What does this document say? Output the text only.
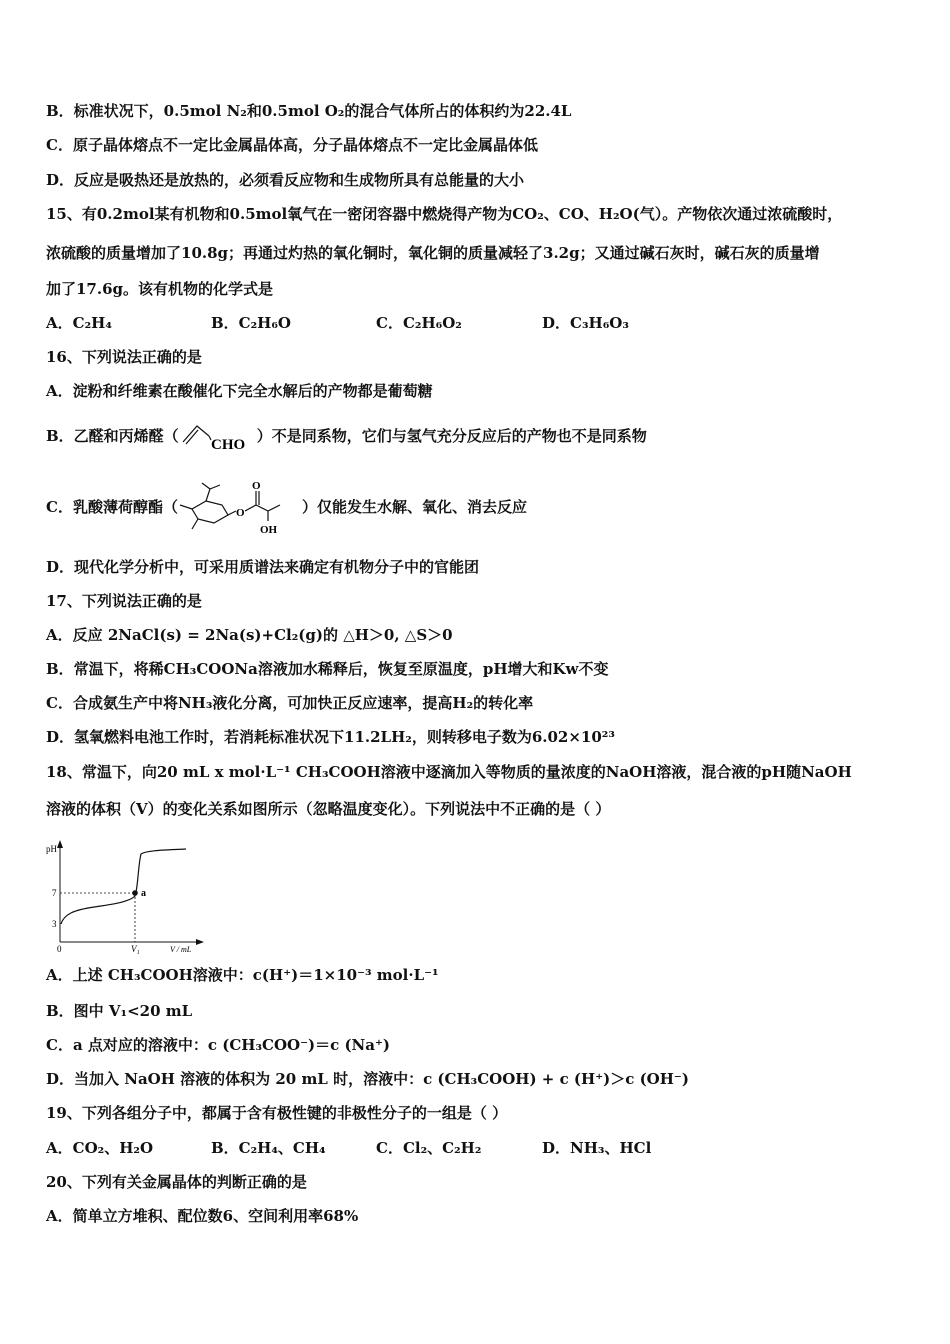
B．标准状况下，0.5mol N₂和0.5mol O₂的混合气体所占的体积约为22.4L
C．原子晶体熔点不一定比金属晶体高，分子晶体熔点不一定比金属晶体低
D．反应是吸热还是放热的，必须看反应物和生成物所具有总能量的大小
15、有0.2mol某有机物和0.5mol氧气在一密闭容器中燃烧得产物为CO₂、CO、H₂O(气）。产物依次通过浓硫酸时，
浓硫酸的质量增加了10.8g；再通过灼热的氧化铜时，氧化铜的质量减轻了3.2g；又通过碱石灰时，碱石灰的质量增
加了17.6g。该有机物的化学式是
A．C₂H₄	B．C₂H₆O	C．C₂H₆O₂	D．C₃H₆O₃
16、下列说法正确的是
A．淀粉和纤维素在酸催化下完全水解后的产物都是葡萄糖
B．乙醛和丙烯醛（ CHO ）不是同系物，它们与氢气充分反应后的产物也不是同系物
C．乳酸薄荷醇酯（	O
O
OH
）仅能发生水解、氧化、消去反应
D．现代化学分析中，可采用质谱法来确定有机物分子中的官能团
17、下列说法正确的是
A．反应 2NaCl(s) = 2Na(s)+Cl₂(g)的 △H＞0, △S＞0
B．常温下，将稀CH₃COONa溶液加水稀释后，恢复至原温度，pH增大和Kw不变
C．合成氨生产中将NH₃液化分离，可加快正反应速率，提高H₂的转化率
D．氢氧燃料电池工作时，若消耗标准状况下11.2LH₂，则转移电子数为6.02×10²³
18、常温下，向20 mL x mol·L⁻¹ CH₃COOH溶液中逐滴加入等物质的量浓度的NaOH溶液，混合液的pH随NaOH
溶液的体积（V）的变化关系如图所示（忽略温度变化）。下列说法中不正确的是（ ）
pH
7
3
0	V₁	V / mL
a
A．上述 CH₃COOH溶液中：c(H⁺)＝1×10⁻³ mol·L⁻¹
B．图中 V₁<20 mL
C．a 点对应的溶液中：c (CH₃COO⁻)＝c (Na⁺)
D．当加入 NaOH 溶液的体积为 20 mL 时，溶液中：c (CH₃COOH) + c (H⁺)＞c (OH⁻)
19、下列各组分子中，都属于含有极性键的非极性分子的一组是（ ）
A．CO₂、H₂O	B．C₂H₄、CH₄	C．Cl₂、C₂H₂	D．NH₃、HCl
20、下列有关金属晶体的判断正确的是
A．简单立方堆积、配位数6、空间利用率68%
